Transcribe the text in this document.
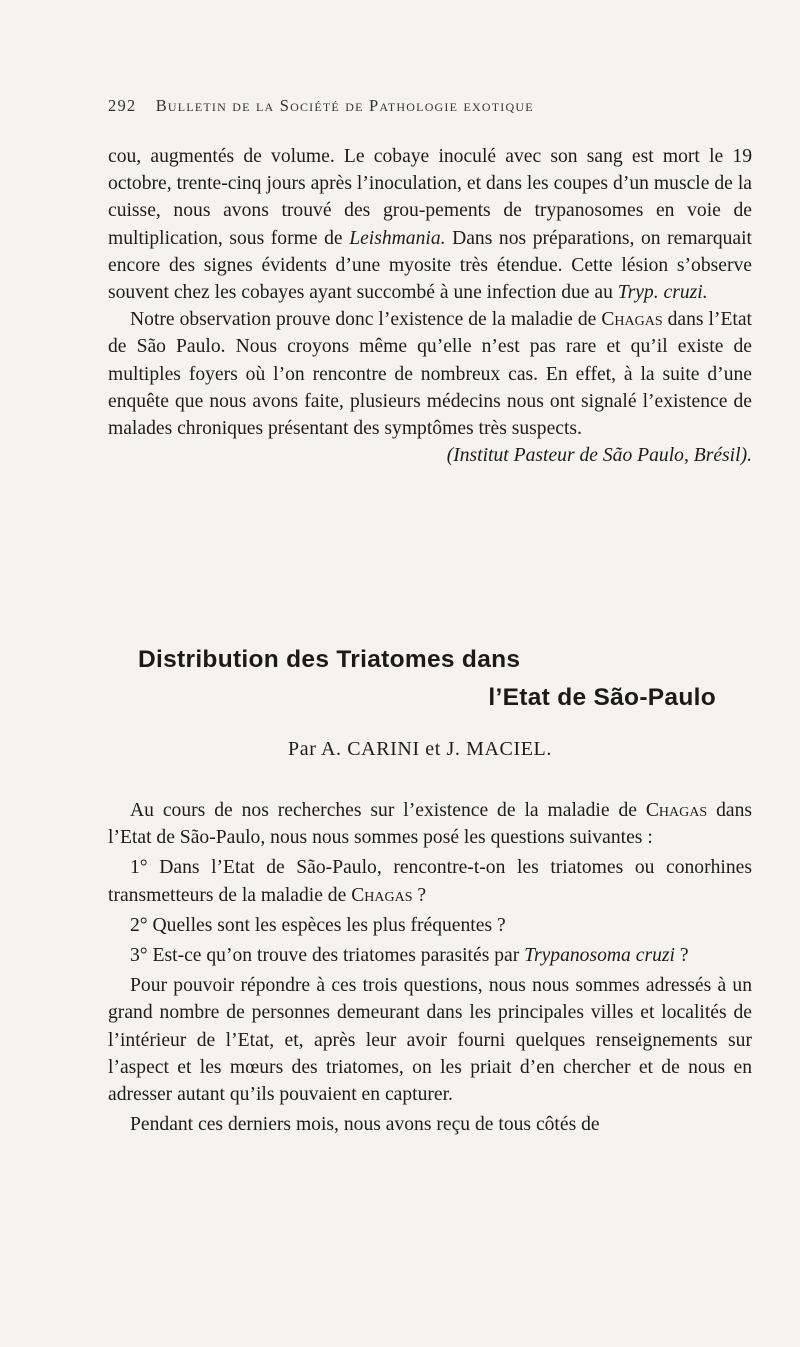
292 Bulletin de la Société de Pathologie exotique

cou, augmentés de volume. Le cobaye inoculé avec son sang est mort le 19 octobre, trente-cinq jours après l’inoculation, et dans les coupes d’un muscle de la cuisse, nous avons trouvé des grou-pements de trypanosomes en voie de multiplication, sous forme de Leishmania. Dans nos préparations, on remarquait encore des signes évidents d’une myosite très étendue. Cette lésion s’observe souvent chez les cobayes ayant succombé à une infection due au Tryp. cruzi.

Notre observation prouve donc l’existence de la maladie de Chagas dans l’Etat de São Paulo. Nous croyons même qu’elle n’est pas rare et qu’il existe de multiples foyers où l’on rencontre de nombreux cas. En effet, à la suite d’une enquête que nous avons faite, plusieurs médecins nous ont signalé l’existence de malades chroniques présentant des symptômes très suspects.

(Institut Pasteur de São Paulo, Brésil).

Distribution des Triatomes dans
l’Etat de São-Paulo
Par A. CARINI et J. MACIEL.

Au cours de nos recherches sur l’existence de la maladie de Chagas dans l’Etat de São-Paulo, nous nous sommes posé les questions suivantes :

1° Dans l’Etat de São-Paulo, rencontre-t-on les triatomes ou conorhines transmetteurs de la maladie de Chagas ?

2° Quelles sont les espèces les plus fréquentes ?

3° Est-ce qu’on trouve des triatomes parasités par Trypanosoma cruzi ?

Pour pouvoir répondre à ces trois questions, nous nous sommes adressés à un grand nombre de personnes demeurant dans les principales villes et localités de l’intérieur de l’Etat, et, après leur avoir fourni quelques renseignements sur l’aspect et les mœurs des triatomes, on les priait d’en chercher et de nous en adresser autant qu’ils pouvaient en capturer.

Pendant ces derniers mois, nous avons reçu de tous côtés de
